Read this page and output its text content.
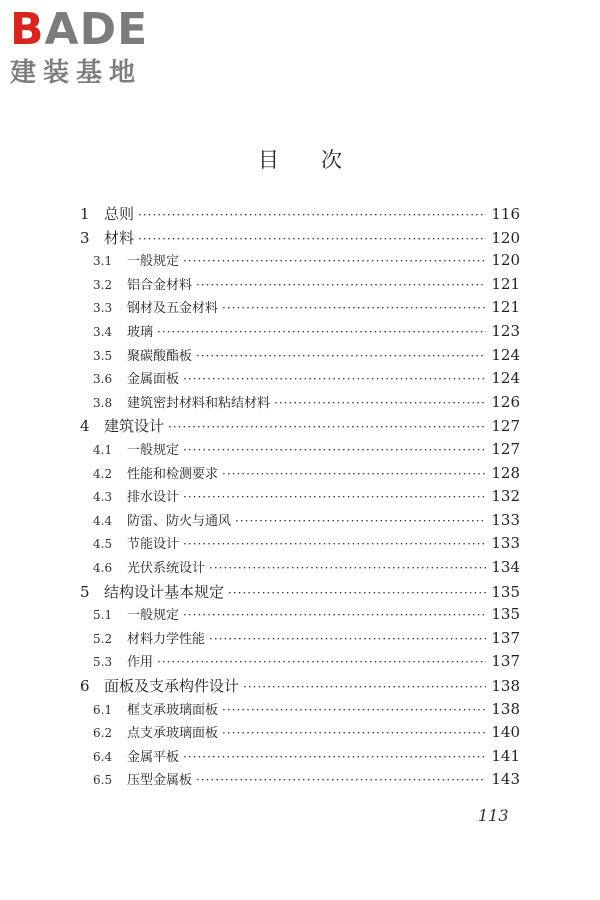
BADE
建装基地
目次
1 总则 ·····	116
3 材料 ·····	120
3.1	一般规定 ·····	120
3.2	铝合金材料 ·····	121
3.3	钢材及五金材料 ·····	121
3.4	玻璃 ·····	123
3.5	聚碳酸酯板 ·····	124
3.6	金属面板 ·····	124
3.8	建筑密封材料和粘结材料 ·····	126
4 建筑设计 ·····	127
4.1	一般规定 ·····	127
4.2	性能和检测要求 ·····	128
4.3	排水设计 ·····	132
4.4	防雷、防火与通风 ·····	133
4.5	节能设计 ·····	133
4.6	光伏系统设计 ·····	134
5 结构设计基本规定 ·····	135
5.1	一般规定 ·····	135
5.2	材料力学性能 ·····	137
5.3	作用 ·····	137
6 面板及支承构件设计 ·····	138
6.1	框支承玻璃面板 ·····	138
6.2	点支承玻璃面板 ·····	140
6.4	金属平板 ·····	141
6.5	压型金属板 ·····	143
113
